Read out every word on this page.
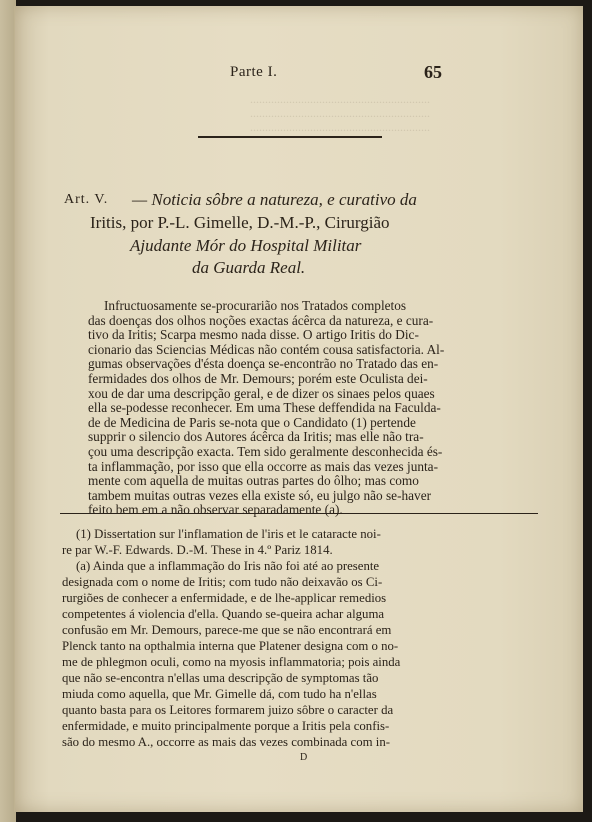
............................................................
............................................................
............................................................
Parte I.	65
Art. V. — Noticia sôbre a natureza, e curativo da
Iritis, por P.-L. Gimelle, D.-M.-P., Cirurgião
Ajudante Mór do Hospital Militar
da Guarda Real.
Infructuosamente se-procurarião nos Tratados completos
das doenças dos olhos noções exactas ácêrca da natureza, e cura-
tivo da Iritis; Scarpa mesmo nada disse. O artigo Iritis do Dic-
cionario das Sciencias Médicas não contém cousa satisfactoria. Al-
gumas observações d'ésta doença se-encontrão no Tratado das en-
fermidades dos olhos de Mr. Demours; porém este Oculista dei-
xou de dar uma descripção geral, e de dizer os sinaes pelos quaes
ella se-podesse reconhecer. Em uma These deffendida na Faculda-
de de Medicina de Paris se-nota que o Candidato (1) pertende
supprir o silencio dos Autores ácêrca da Iritis; mas elle não tra-
çou uma descripção exacta. Tem sido geralmente desconhecida és-
ta inflammação, por isso que ella occorre as mais das vezes junta-
mente com aquella de muitas outras partes do ôlho; mas como
(1) Dissertation sur l'inflamation de l'iris et le cataracte noi-
re par W.-F. Edwards. D.-M. These in 4.º Pariz 1814.
(a) Ainda que a inflammação do Iris não foi até ao presente
designada com o nome de Iritis; com tudo não deixavão os Ci-
rurgiões de conhecer a enfermidade, e de lhe-applicar remedios
competentes á violencia d'ella. Quando se-queira achar alguma
confusão em Mr. Demours, parece-me que se não encontrará em
Plenck tanto na opthalmia interna que Platener designa com o no-
me de phlegmon oculi, como na myosis inflammatoria; pois ainda
que não se-encontra n'ellas uma descripção de symptomas tão
miuda como aquella, que Mr. Gimelle dá, com tudo ha n'ellas
quanto basta para os Leitores formarem juizo sôbre o caracter da
enfermidade, e muito principalmente porque a Iritis pela confis-
são do mesmo A., occorre as mais das vezes combinada com in-
D
tambem muitas outras vezes ella existe só, eu julgo não se-haver
feito bem em a não observar separadamente (a).
